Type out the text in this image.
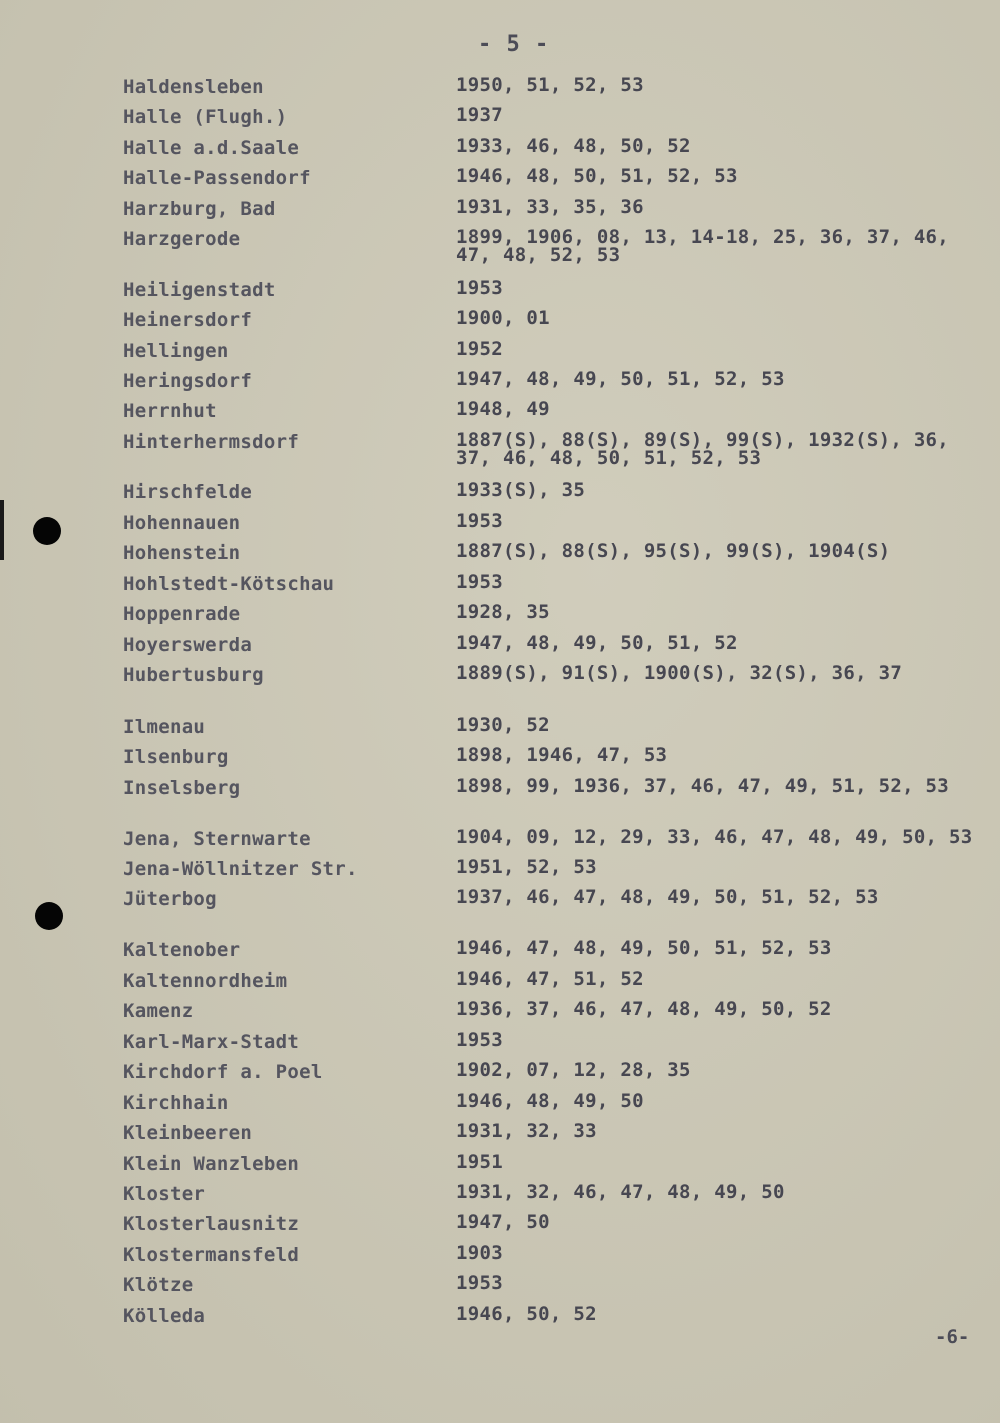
- 5 -
Haldensleben	1950, 51, 52, 53
Halle (Flugh.)	1937
Halle a.d.Saale	1933, 46, 48, 50, 52
Halle-Passendorf	1946, 48, 50, 51, 52, 53
Harzburg, Bad	1931, 33, 35, 36
Harzgerode	1899, 1906, 08, 13, 14-18, 25, 36, 37, 46,
47, 48, 52, 53
Heiligenstadt	1953
Heinersdorf	1900, 01
Hellingen	1952
Heringsdorf	1947, 48, 49, 50, 51, 52, 53
Herrnhut	1948, 49
Hinterhermsdorf	1887(S), 88(S), 89(S), 99(S), 1932(S), 36,
37, 46, 48, 50, 51, 52, 53
Hirschfelde	1933(S), 35
Hohennauen	1953
Hohenstein	1887(S), 88(S), 95(S), 99(S), 1904(S)
Hohlstedt-Kötschau	1953
Hoppenrade	1928, 35
Hoyerswerda	1947, 48, 49, 50, 51, 52
Hubertusburg	1889(S), 91(S), 1900(S), 32(S), 36, 37
Ilmenau	1930, 52
Ilsenburg	1898, 1946, 47, 53
Inselsberg	1898, 99, 1936, 37, 46, 47, 49, 51, 52, 53
Jena, Sternwarte	1904, 09, 12, 29, 33, 46, 47, 48, 49, 50, 53
Jena-Wöllnitzer Str.	1951, 52, 53
Jüterbog	1937, 46, 47, 48, 49, 50, 51, 52, 53
Kaltenober	1946, 47, 48, 49, 50, 51, 52, 53
Kaltennordheim	1946, 47, 51, 52
Kamenz	1936, 37, 46, 47, 48, 49, 50, 52
Karl-Marx-Stadt	1953
Kirchdorf a. Poel	1902, 07, 12, 28, 35
Kirchhain	1946, 48, 49, 50
Kleinbeeren	1931, 32, 33
Klein Wanzleben	1951
Kloster	1931, 32, 46, 47, 48, 49, 50
Klosterlausnitz	1947, 50
Klostermansfeld	1903
Klötze	1953
Kölleda	1946, 50, 52
-6-
